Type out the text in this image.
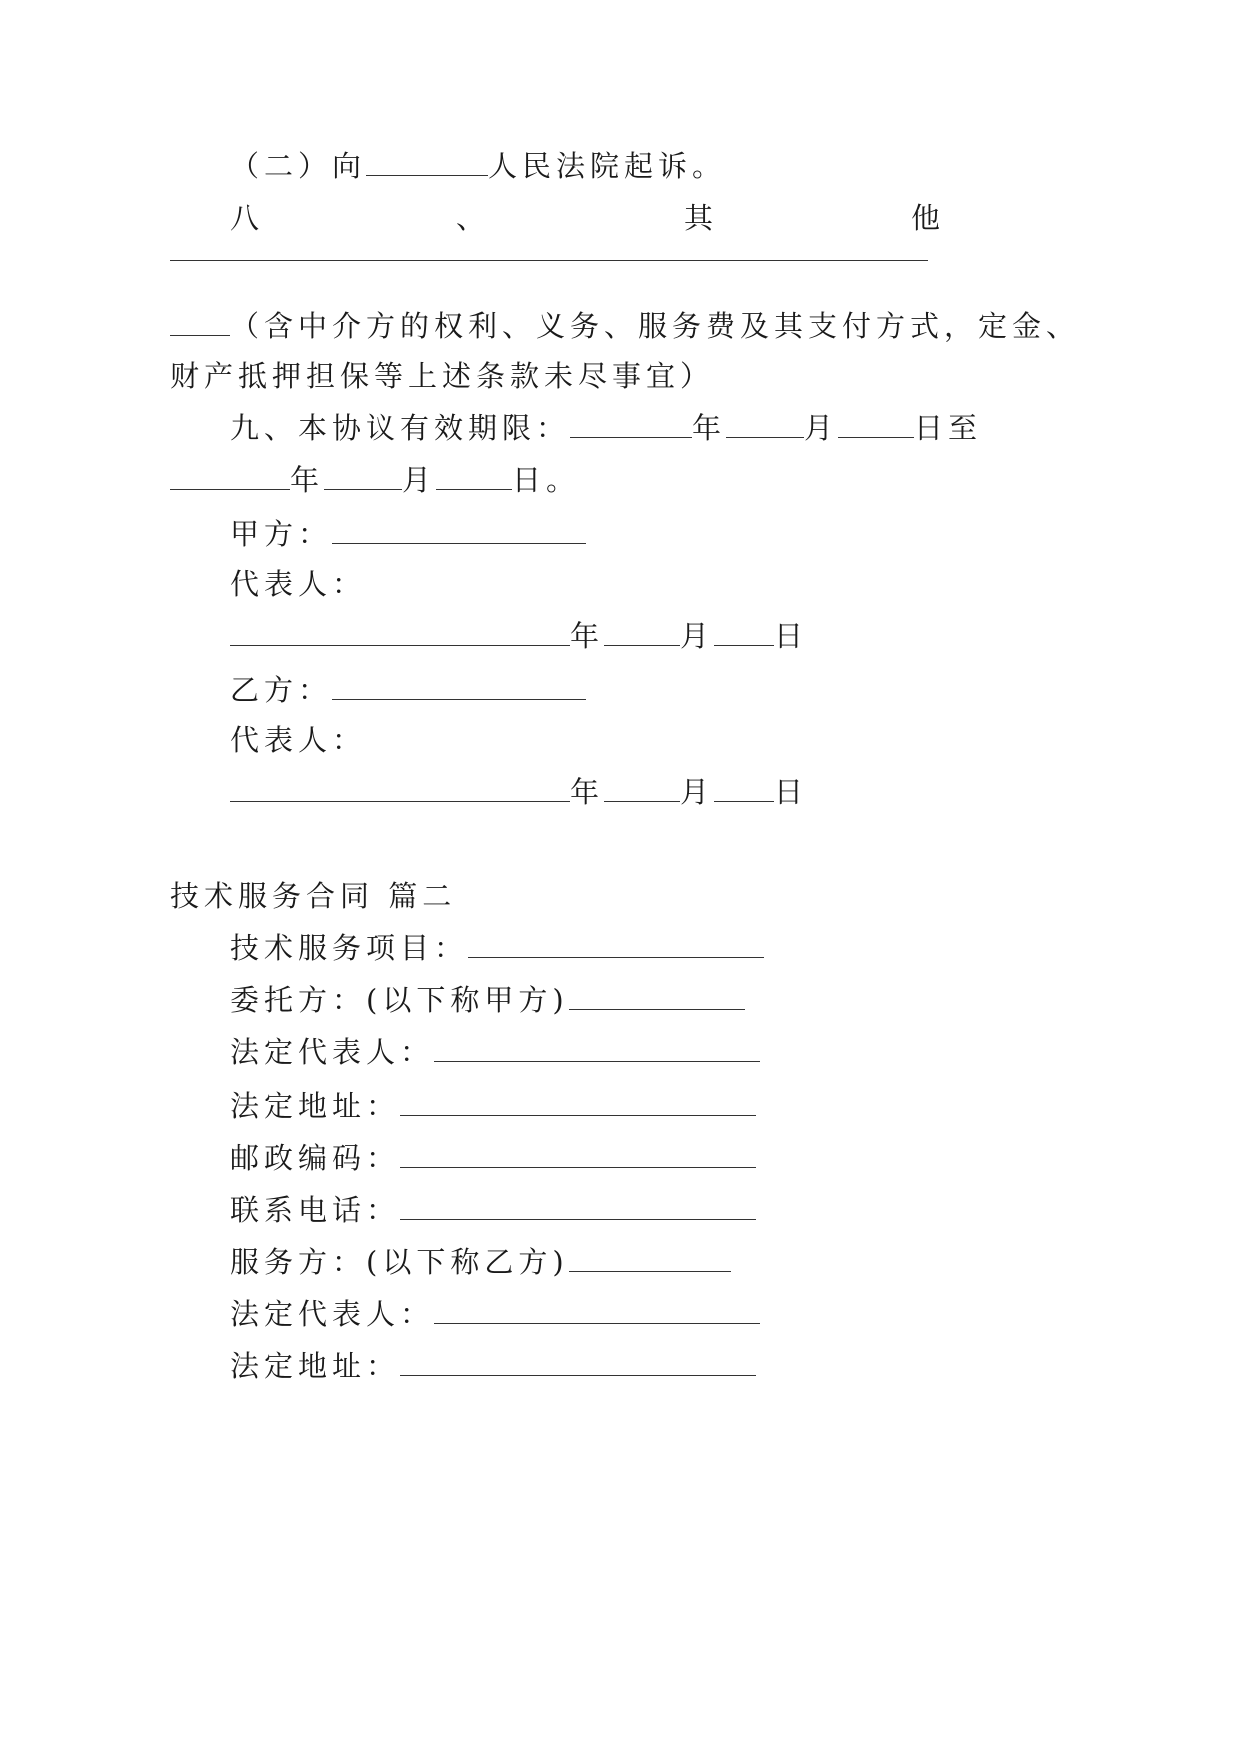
（二）向	人民法院起诉。
八	、	其	他
（含中介方的权利、义务、服务费及其支付方式，定金、
财产抵押担保等上述条款未尽事宜）
九、本协议有效期限：	年	月	日至
年	月	日。
甲方：
代表人：
年	月 日
乙方：
代表人：
年	月 日
技术服务合同 篇二
技术服务项目：
委托方：(以下称甲方)
法定代表人：
法定地址：
邮政编码：
联系电话：
服务方：(以下称乙方)
法定代表人：
法定地址：
